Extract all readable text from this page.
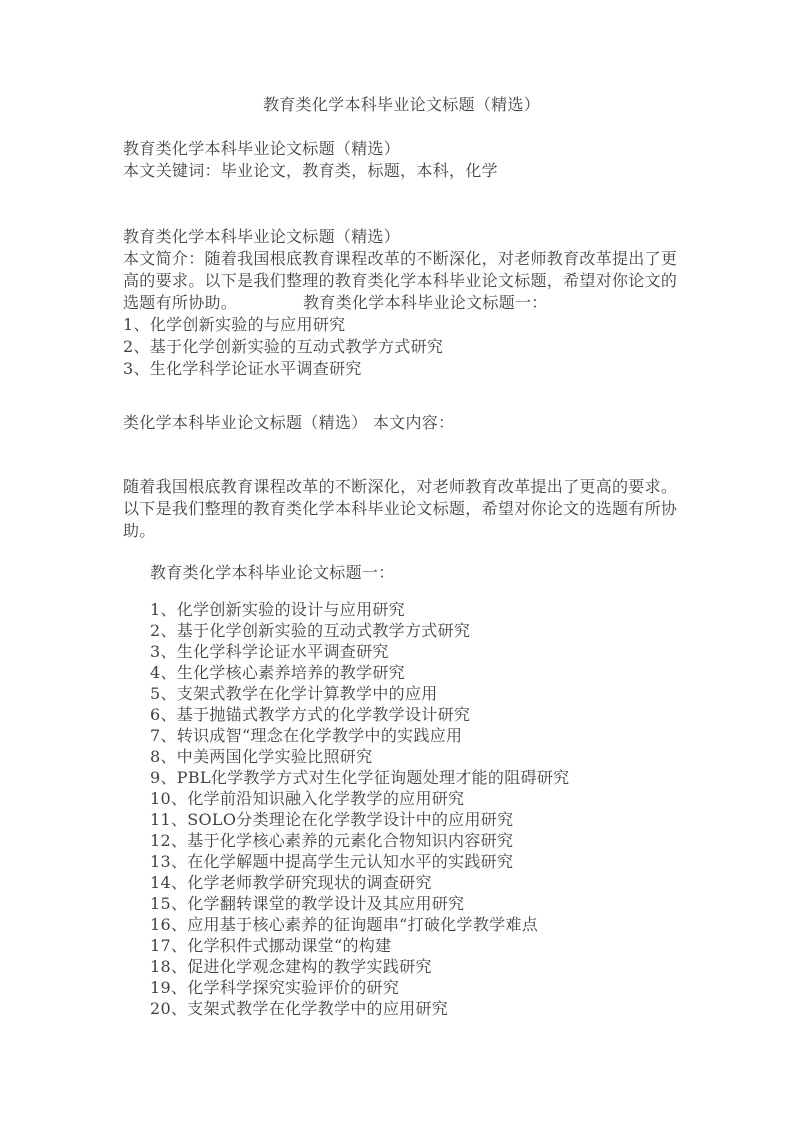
教育类化学本科毕业论文标题（精选）
教育类化学本科毕业论文标题（精选）
本文关键词：毕业论文，教育类，标题，本科，化学
教育类化学本科毕业论文标题（精选）
本文简介：随着我国根底教育课程改革的不断深化，对老师教育改革提出了更
高的要求。以下是我们整理的教育类化学本科毕业论文标题，希望对你论文的
选题有所协助。	教育类化学本科毕业论文标题一：
1、化学创新实验的与应用研究
2、基于化学创新实验的互动式教学方式研究
3、生化学科学论证水平调查研究
类化学本科毕业论文标题（精选） 本文内容：
随着我国根底教育课程改革的不断深化，对老师教育改革提出了更高的要求。
以下是我们整理的教育类化学本科毕业论文标题，希望对你论文的选题有所协
助。
教育类化学本科毕业论文标题一：
1、化学创新实验的设计与应用研究
2、基于化学创新实验的互动式教学方式研究
3、生化学科学论证水平调查研究
4、生化学核心素养培养的教学研究
5、支架式教学在化学计算教学中的应用
6、基于抛锚式教学方式的化学教学设计研究
7、转识成智“理念在化学教学中的实践应用
8、中美两国化学实验比照研究
9、PBL化学教学方式对生化学征询题处理才能的阻碍研究
10、化学前沿知识融入化学教学的应用研究
11、SOLO分类理论在化学教学设计中的应用研究
12、基于化学核心素养的元素化合物知识内容研究
13、在化学解题中提高学生元认知水平的实践研究
14、化学老师教学研究现状的调查研究
15、化学翻转课堂的教学设计及其应用研究
16、应用基于核心素养的征询题串“打破化学教学难点
17、化学积件式挪动课堂“的构建
18、促进化学观念建构的教学实践研究
19、化学科学探究实验评价的研究
20、支架式教学在化学教学中的应用研究
